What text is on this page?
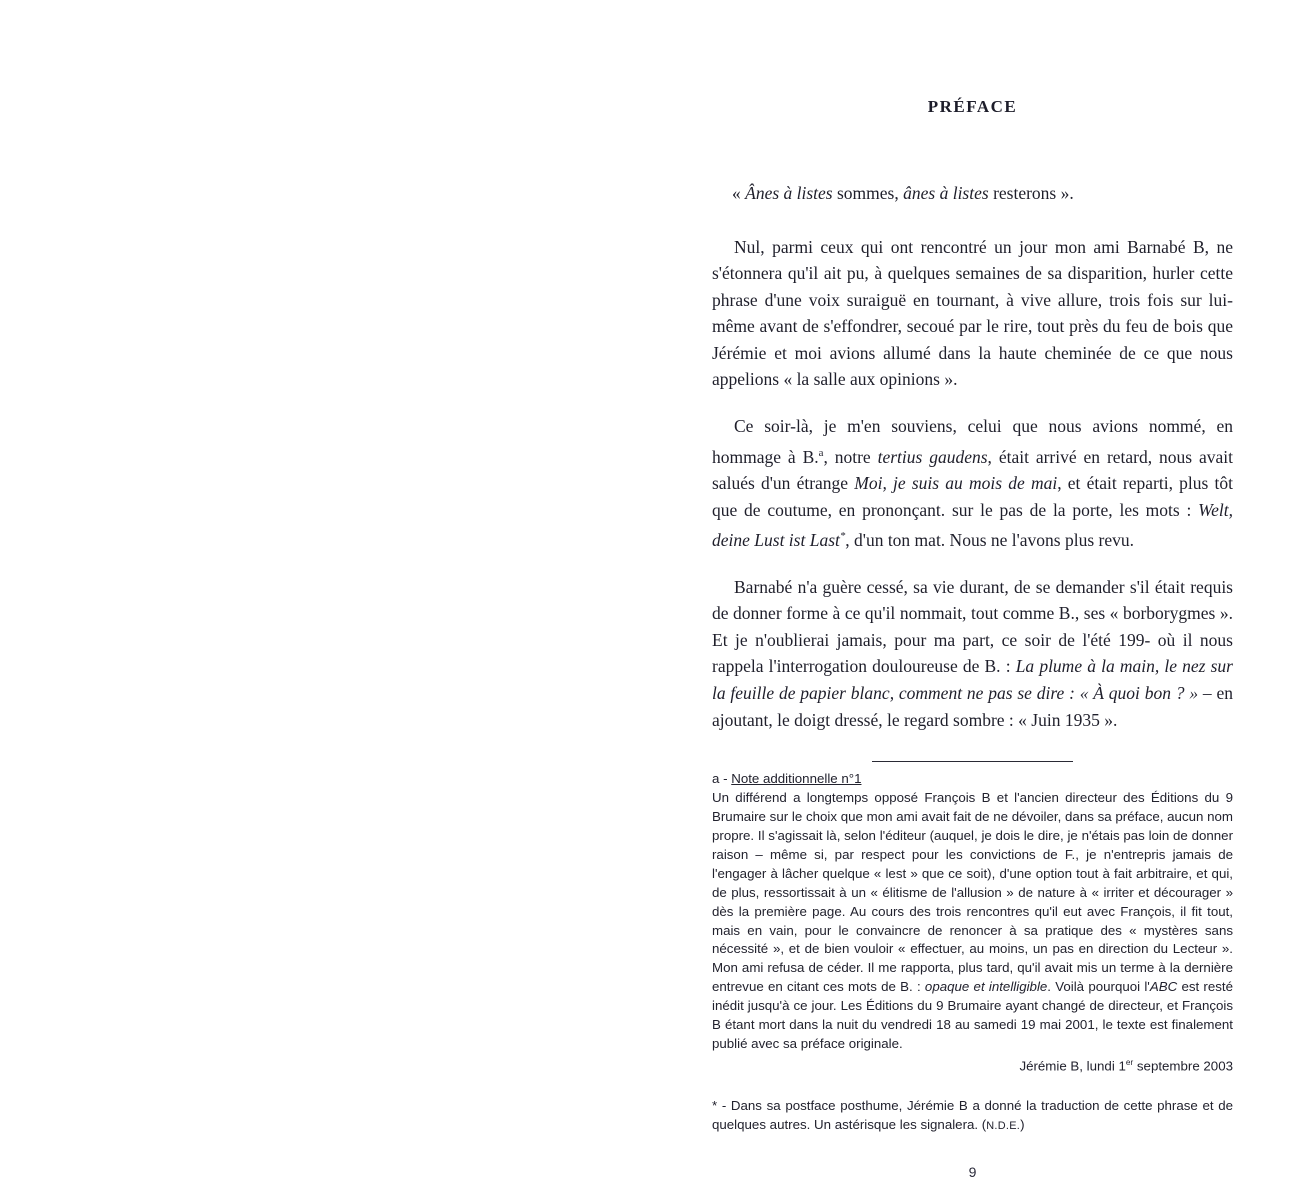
PRÉFACE

« Ânes à listes sommes, ânes à listes resterons ».

Nul, parmi ceux qui ont rencontré un jour mon ami Barnabé B, ne s'étonnera qu'il ait pu, à quelques semaines de sa disparition, hurler cette phrase d'une voix suraiguë en tournant, à vive allure, trois fois sur lui-même avant de s'effondrer, secoué par le rire, tout près du feu de bois que Jérémie et moi avions allumé dans la haute cheminée de ce que nous appelions « la salle aux opinions ».

Ce soir-là, je m'en souviens, celui que nous avions nommé, en hommage à B.$^a$, notre tertius gaudens, était arrivé en retard, nous avait salués d'un étrange Moi, je suis au mois de mai, et était reparti, plus tôt que de coutume, en prononçant. sur le pas de la porte, les mots : Welt, deine Lust ist Last*, d'un ton mat. Nous ne l'avons plus revu.

Barnabé n'a guère cessé, sa vie durant, de se demander s'il était requis de donner forme à ce qu'il nommait, tout comme B., ses « borborygmes ». Et je n'oublierai jamais, pour ma part, ce soir de l'été 199- où il nous rappela l'interrogation douloureuse de B. : La plume à la main, le nez sur la feuille de papier blanc, comment ne pas se dire : « À quoi bon ? » – en ajoutant, le doigt dressé, le regard sombre : « Juin 1935 ».

a - Note additionnelle n°1

Un différend a longtemps opposé François B et l'ancien directeur des Éditions du 9 Brumaire sur le choix que mon ami avait fait de ne dévoiler, dans sa préface, aucun nom propre. Il s'agissait là, selon l'éditeur (auquel, je dois le dire, je n'étais pas loin de donner raison – même si, par respect pour les convictions de F., je n'entrepris jamais de l'engager à lâcher quelque « lest » que ce soit), d'une option tout à fait arbitraire, et qui, de plus, ressortissait à un « élitisme de l'allusion » de nature à « irriter et décourager » dès la première page. Au cours des trois rencontres qu'il eut avec François, il fit tout, mais en vain, pour le convaincre de renoncer à sa pratique des « mystères sans nécessité », et de bien vouloir « effectuer, au moins, un pas en direction du Lecteur ». Mon ami refusa de céder. Il me rapporta, plus tard, qu'il avait mis un terme à la dernière entrevue en citant ces mots de B. : opaque et intelligible. Voilà pourquoi l'ABC est resté inédit jusqu'à ce jour. Les Éditions du 9 Brumaire ayant changé de directeur, et François B étant mort dans la nuit du vendredi 18 au samedi 19 mai 2001, le texte est finalement publié avec sa préface originale.

Jérémie B, lundi 1er septembre 2003

* - Dans sa postface posthume, Jérémie B a donné la traduction de cette phrase et de quelques autres. Un astérisque les signalera. (N.D.E.)

9
